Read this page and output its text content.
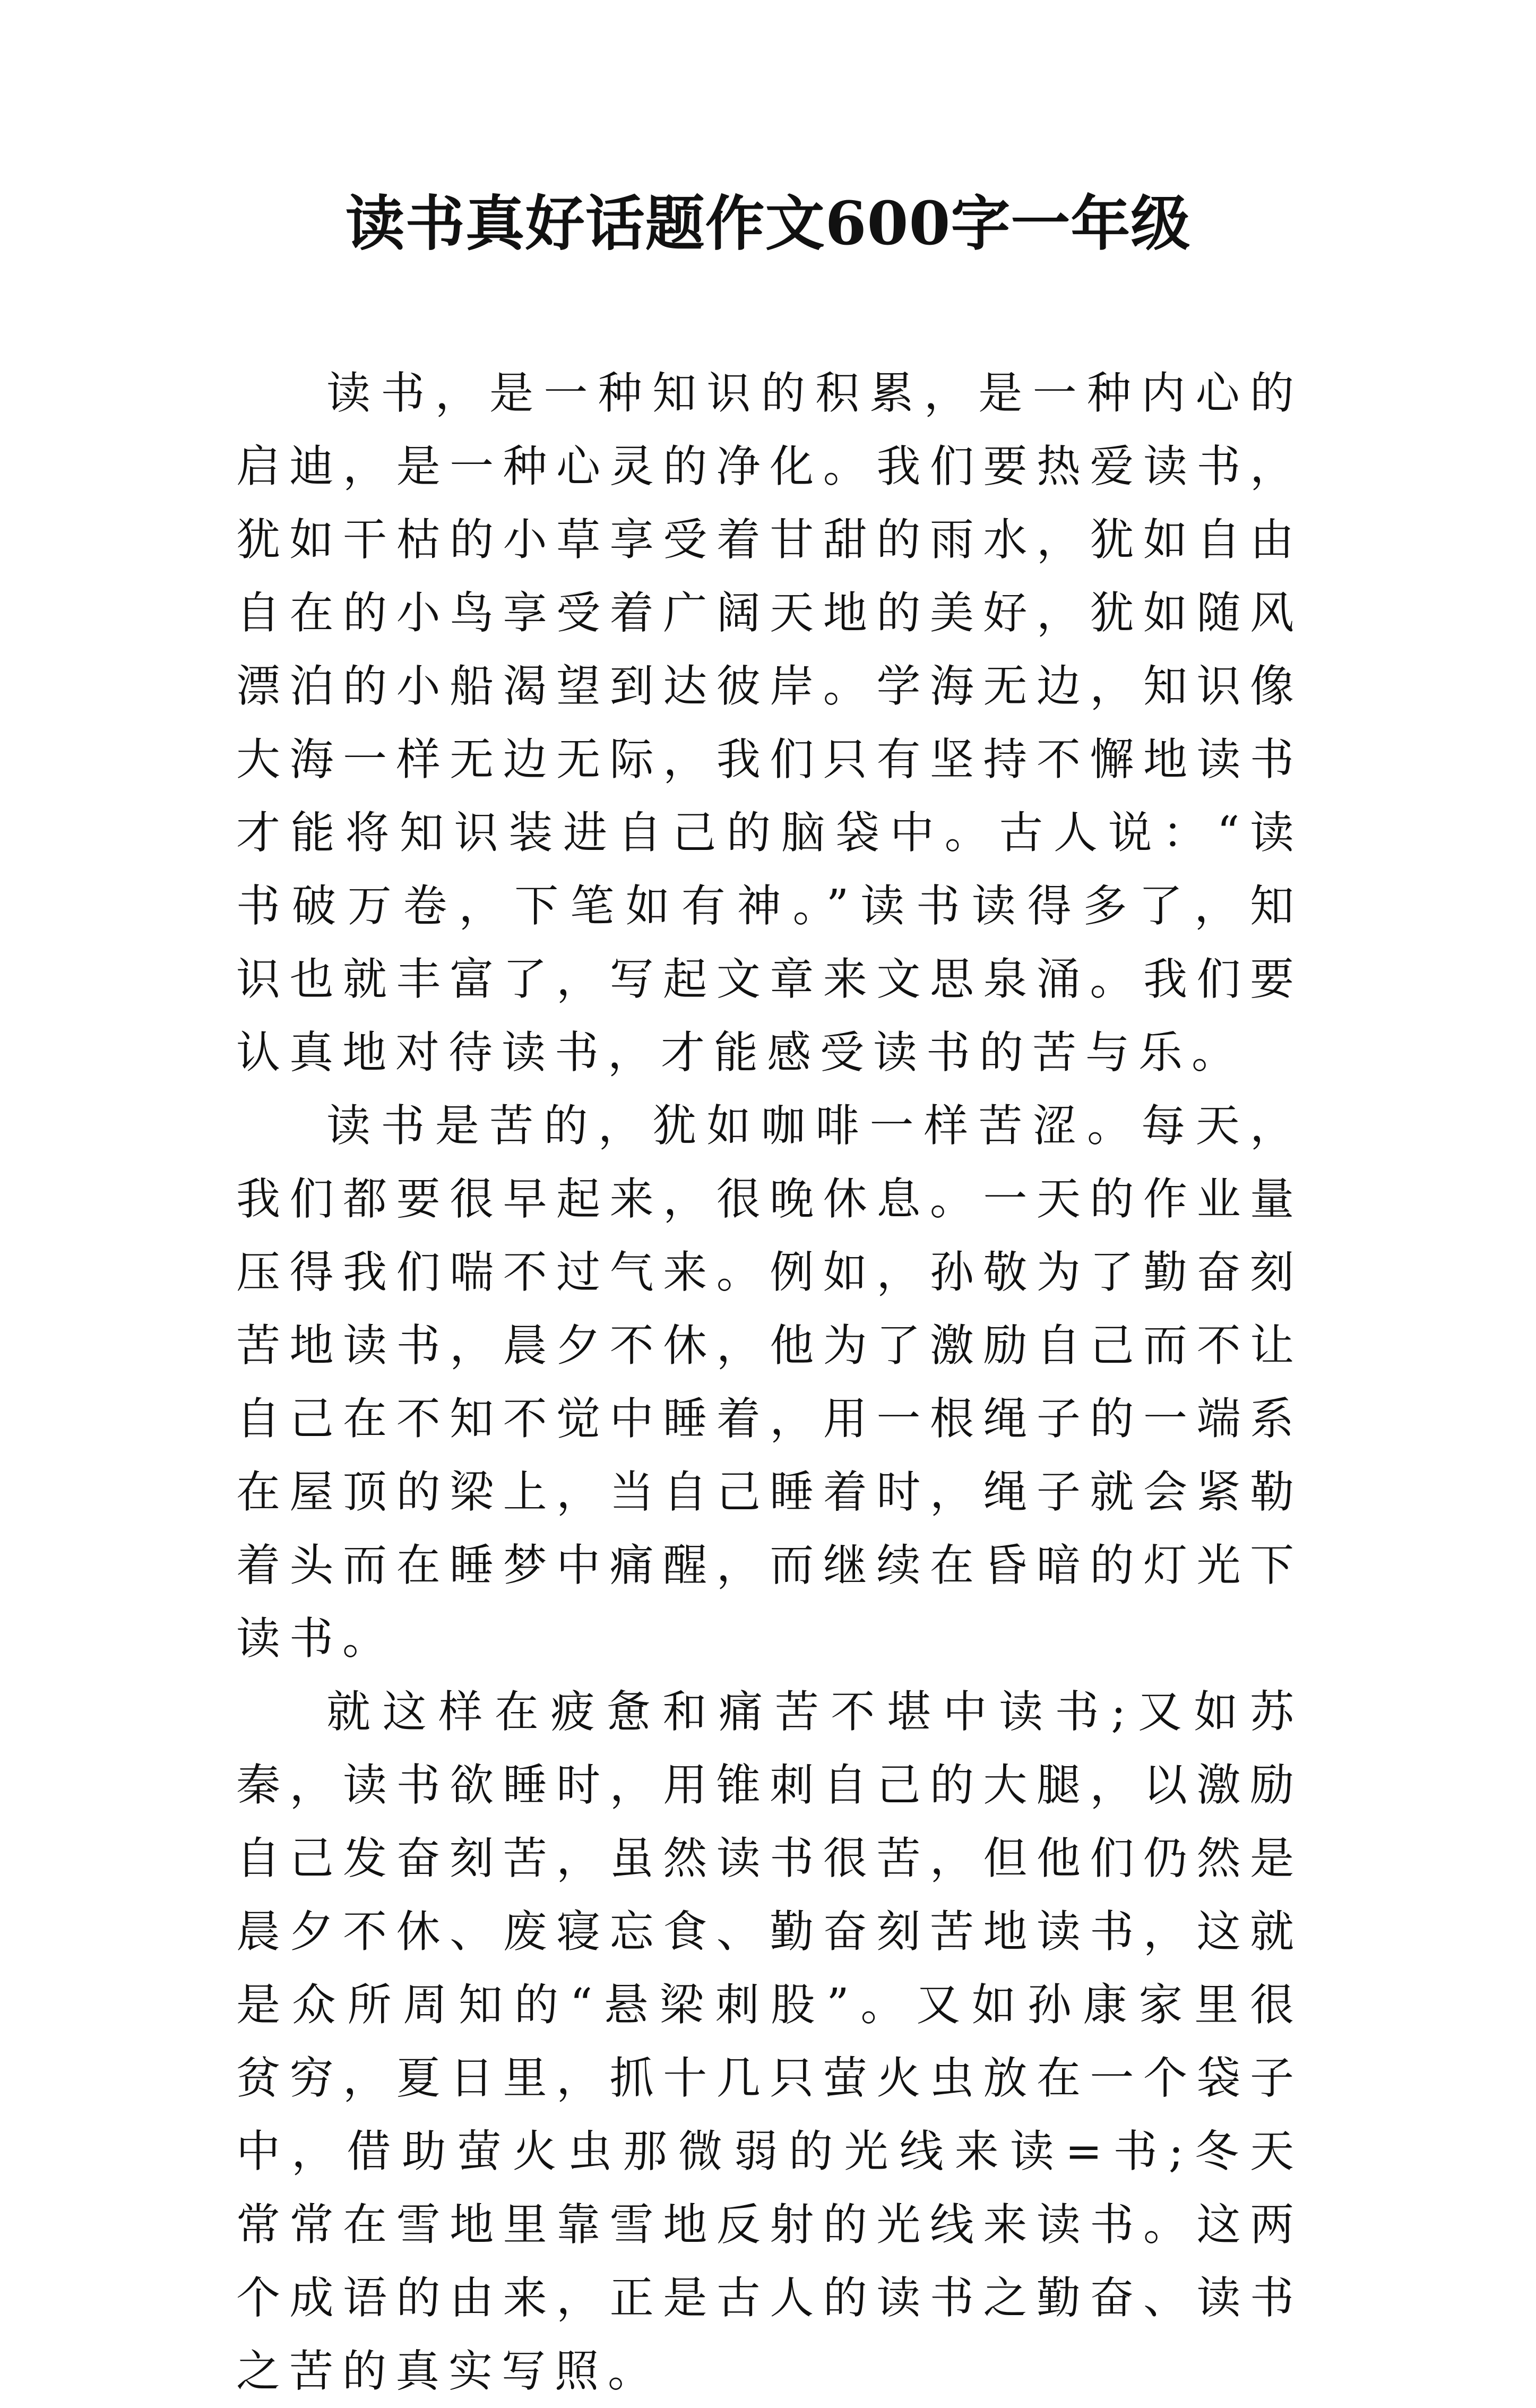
读书真好话题作文600字一年级

读书，是一种知识的积累，是一种内心的启迪，是一种心灵的净化。我们要热爱读书，犹如干枯的小草享受着甘甜的雨水，犹如自由自在的小鸟享受着广阔天地的美好，犹如随风漂泊的小船渴望到达彼岸。学海无边，知识像大海一样无边无际，我们只有坚持不懈地读书才能将知识装进自己的脑袋中。古人说：“读书破万卷，下笔如有神。”读书读得多了，知识也就丰富了，写起文章来文思泉涌。我们要认真地对待读书，才能感受读书的苦与乐。

读书是苦的，犹如咖啡一样苦涩。每天，我们都要很早起来，很晚休息。一天的作业量压得我们喘不过气来。例如，孙敬为了勤奋刻苦地读书，晨夕不休，他为了激励自己而不让自己在不知不觉中睡着，用一根绳子的一端系在屋顶的梁上，当自己睡着时，绳子就会紧勒着头而在睡梦中痛醒，而继续在昏暗的灯光下读书。

就这样在疲惫和痛苦不堪中读书;又如苏秦，读书欲睡时，用锥刺自己的大腿，以激励自己发奋刻苦，虽然读书很苦，但他们仍然是晨夕不休、废寝忘食、勤奋刻苦地读书，这就是众所周知的“悬梁刺股”。又如孙康家里很贫穷，夏日里，抓十几只萤火虫放在一个袋子中，借助萤火虫那微弱的光线来读=书;冬天常常在雪地里靠雪地反射的光线来读书。这两个成语的由来，正是古人的读书之勤奋、读书之苦的真实写照。
